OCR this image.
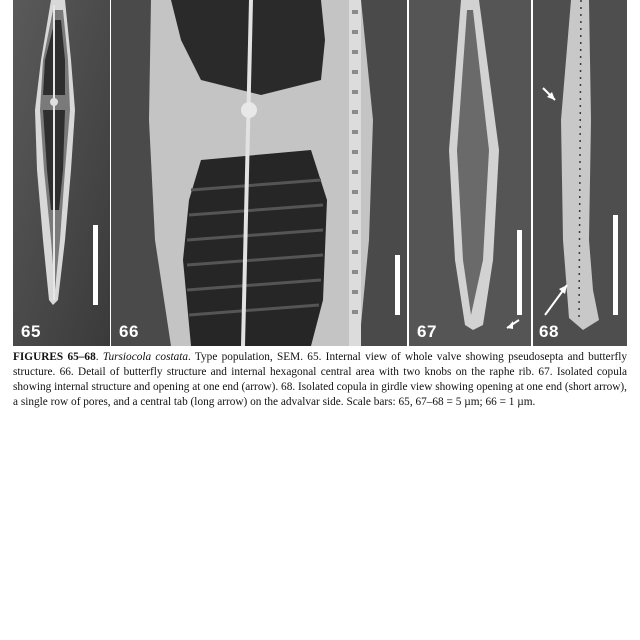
65	66	67	68
FIGURES 65–68. Tursiocola costata. Type population, SEM. 65. Internal view of whole valve showing pseudosepta and butterfly structure. 66. Detail of butterfly structure and internal hexagonal central area with two knobs on the raphe rib. 67. Isolated copula showing internal structure and opening at one end (arrow). 68. Isolated copula in girdle view showing opening at one end (short arrow), a single row of pores, and a central tab (long arrow) on the advalvar side. Scale bars: 65, 67–68 = 5 µm; 66 = 1 µm.
